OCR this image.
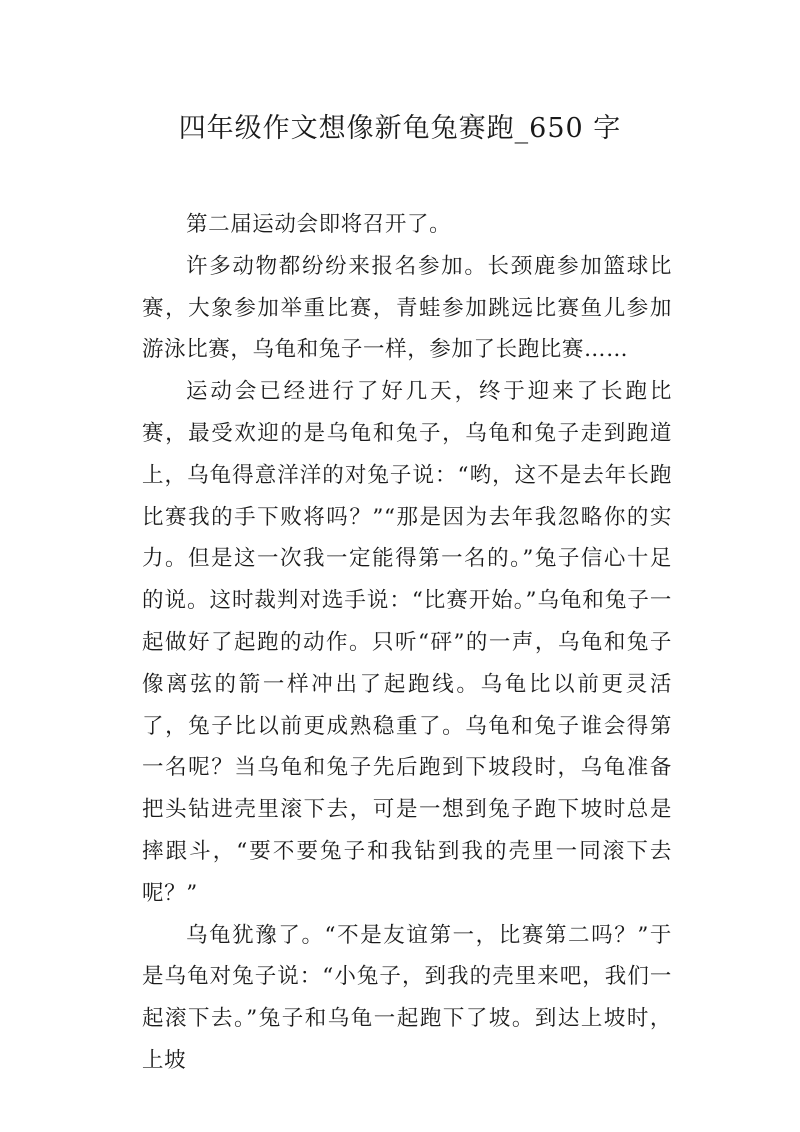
四年级作文想像新龟兔赛跑_650 字

第二届运动会即将召开了。

许多动物都纷纷来报名参加。长颈鹿参加篮球比赛，大象参加举重比赛，青蛙参加跳远比赛鱼儿参加游泳比赛，乌龟和兔子一样，参加了长跑比赛……

运动会已经进行了好几天，终于迎来了长跑比赛，最受欢迎的是乌龟和兔子，乌龟和兔子走到跑道上，乌龟得意洋洋的对兔子说：“哟，这不是去年长跑比赛我的手下败将吗？”“那是因为去年我忽略你的实力。但是这一次我一定能得第一名的。”兔子信心十足的说。这时裁判对选手说：“比赛开始。”乌龟和兔子一起做好了起跑的动作。只听“砰”的一声，乌龟和兔子像离弦的箭一样冲出了起跑线。乌龟比以前更灵活了，兔子比以前更成熟稳重了。乌龟和兔子谁会得第一名呢？当乌龟和兔子先后跑到下坡段时，乌龟准备把头钻进壳里滚下去，可是一想到兔子跑下坡时总是摔跟斗，“要不要兔子和我钻到我的壳里一同滚下去呢？”

乌龟犹豫了。“不是友谊第一，比赛第二吗？”于是乌龟对兔子说：“小兔子，到我的壳里来吧，我们一起滚下去。”兔子和乌龟一起跑下了坡。到达上坡时，上坡
